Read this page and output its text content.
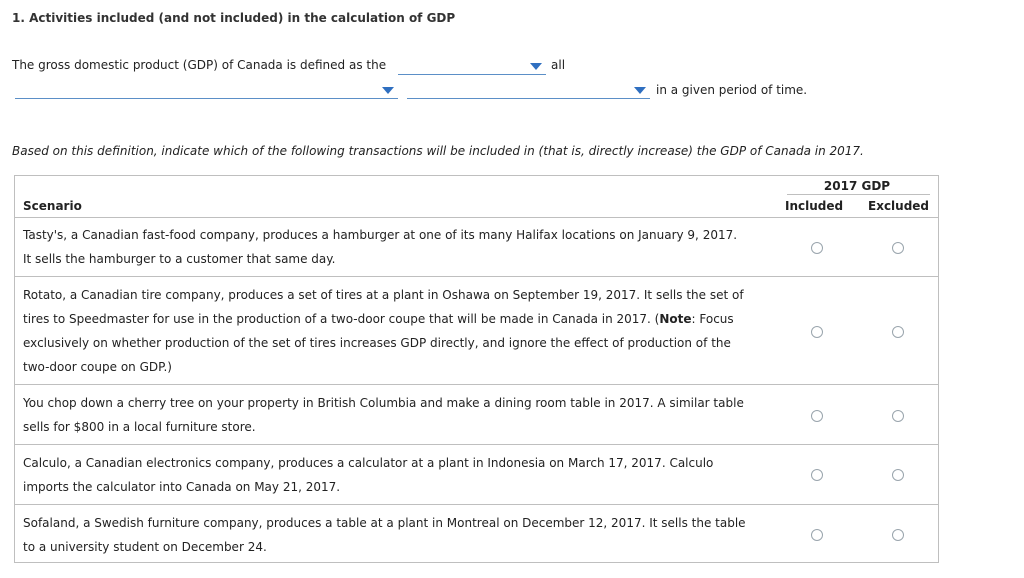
1. Activities included (and not included) in the calculation of GDP
The gross domestic product (GDP) of Canada is defined as the	all
in a given period of time.
Based on this definition, indicate which of the following transactions will be included in (that is, directly increase) the GDP of Canada in 2017.
Scenario
2017 GDP
Included Excluded
Tasty's, a Canadian fast-food company, produces a hamburger at one of its many Halifax locations on January 9, 2017.
It sells the hamburger to a customer that same day.
Rotato, a Canadian tire company, produces a set of tires at a plant in Oshawa on September 19, 2017. It sells the set of
tires to Speedmaster for use in the production of a two-door coupe that will be made in Canada in 2017. (Note: Focus
exclusively on whether production of the set of tires increases GDP directly, and ignore the effect of production of the
two-door coupe on GDP.)
You chop down a cherry tree on your property in British Columbia and make a dining room table in 2017. A similar table
sells for $800 in a local furniture store.
Calculo, a Canadian electronics company, produces a calculator at a plant in Indonesia on March 17, 2017. Calculo
imports the calculator into Canada on May 21, 2017.
Sofaland, a Swedish furniture company, produces a table at a plant in Montreal on December 12, 2017. It sells the table
to a university student on December 24.
